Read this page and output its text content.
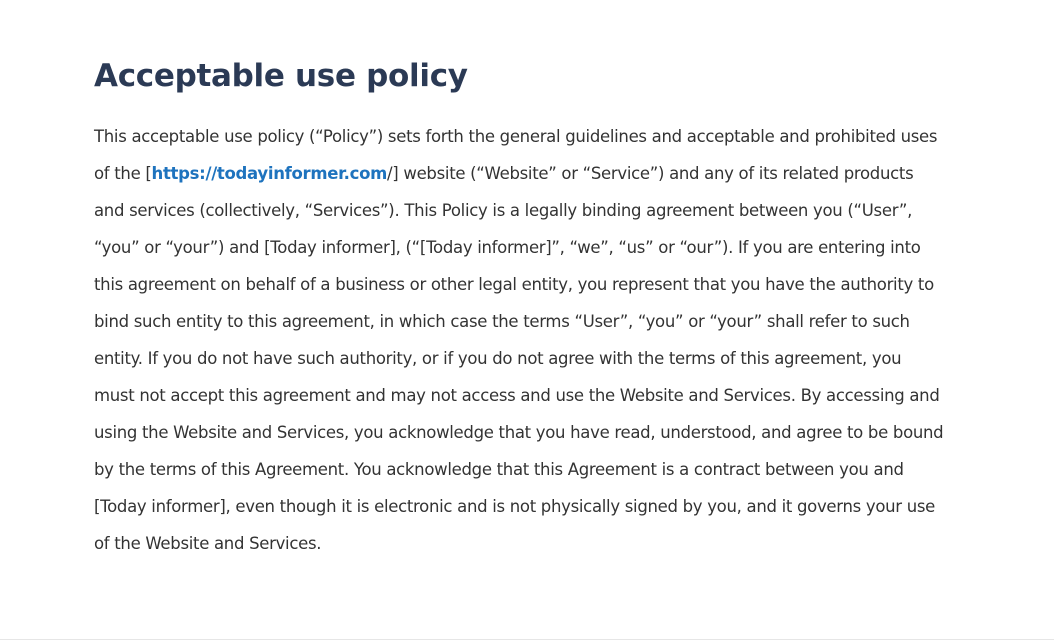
Acceptable use policy

This acceptable use policy (“Policy”) sets forth the general guidelines and acceptable and prohibited uses of the [https://todayinformer.com/] website (“Website” or “Service”) and any of its related products and services (collectively, “Services”). This Policy is a legally binding agreement between you (“User”, “you” or “your”) and [Today informer], (“[Today informer]”, “we”, “us” or “our”). If you are entering into this agreement on behalf of a business or other legal entity, you represent that you have the authority to bind such entity to this agreement, in which case the terms “User”, “you” or “your” shall refer to such entity. If you do not have such authority, or if you do not agree with the terms of this agreement, you must not accept this agreement and may not access and use the Website and Services. By accessing and using the Website and Services, you acknowledge that you have read, understood, and agree to be bound by the terms of this Agreement. You acknowledge that this Agreement is a contract between you and [Today informer], even though it is electronic and is not physically signed by you, and it governs your use of the Website and Services.
